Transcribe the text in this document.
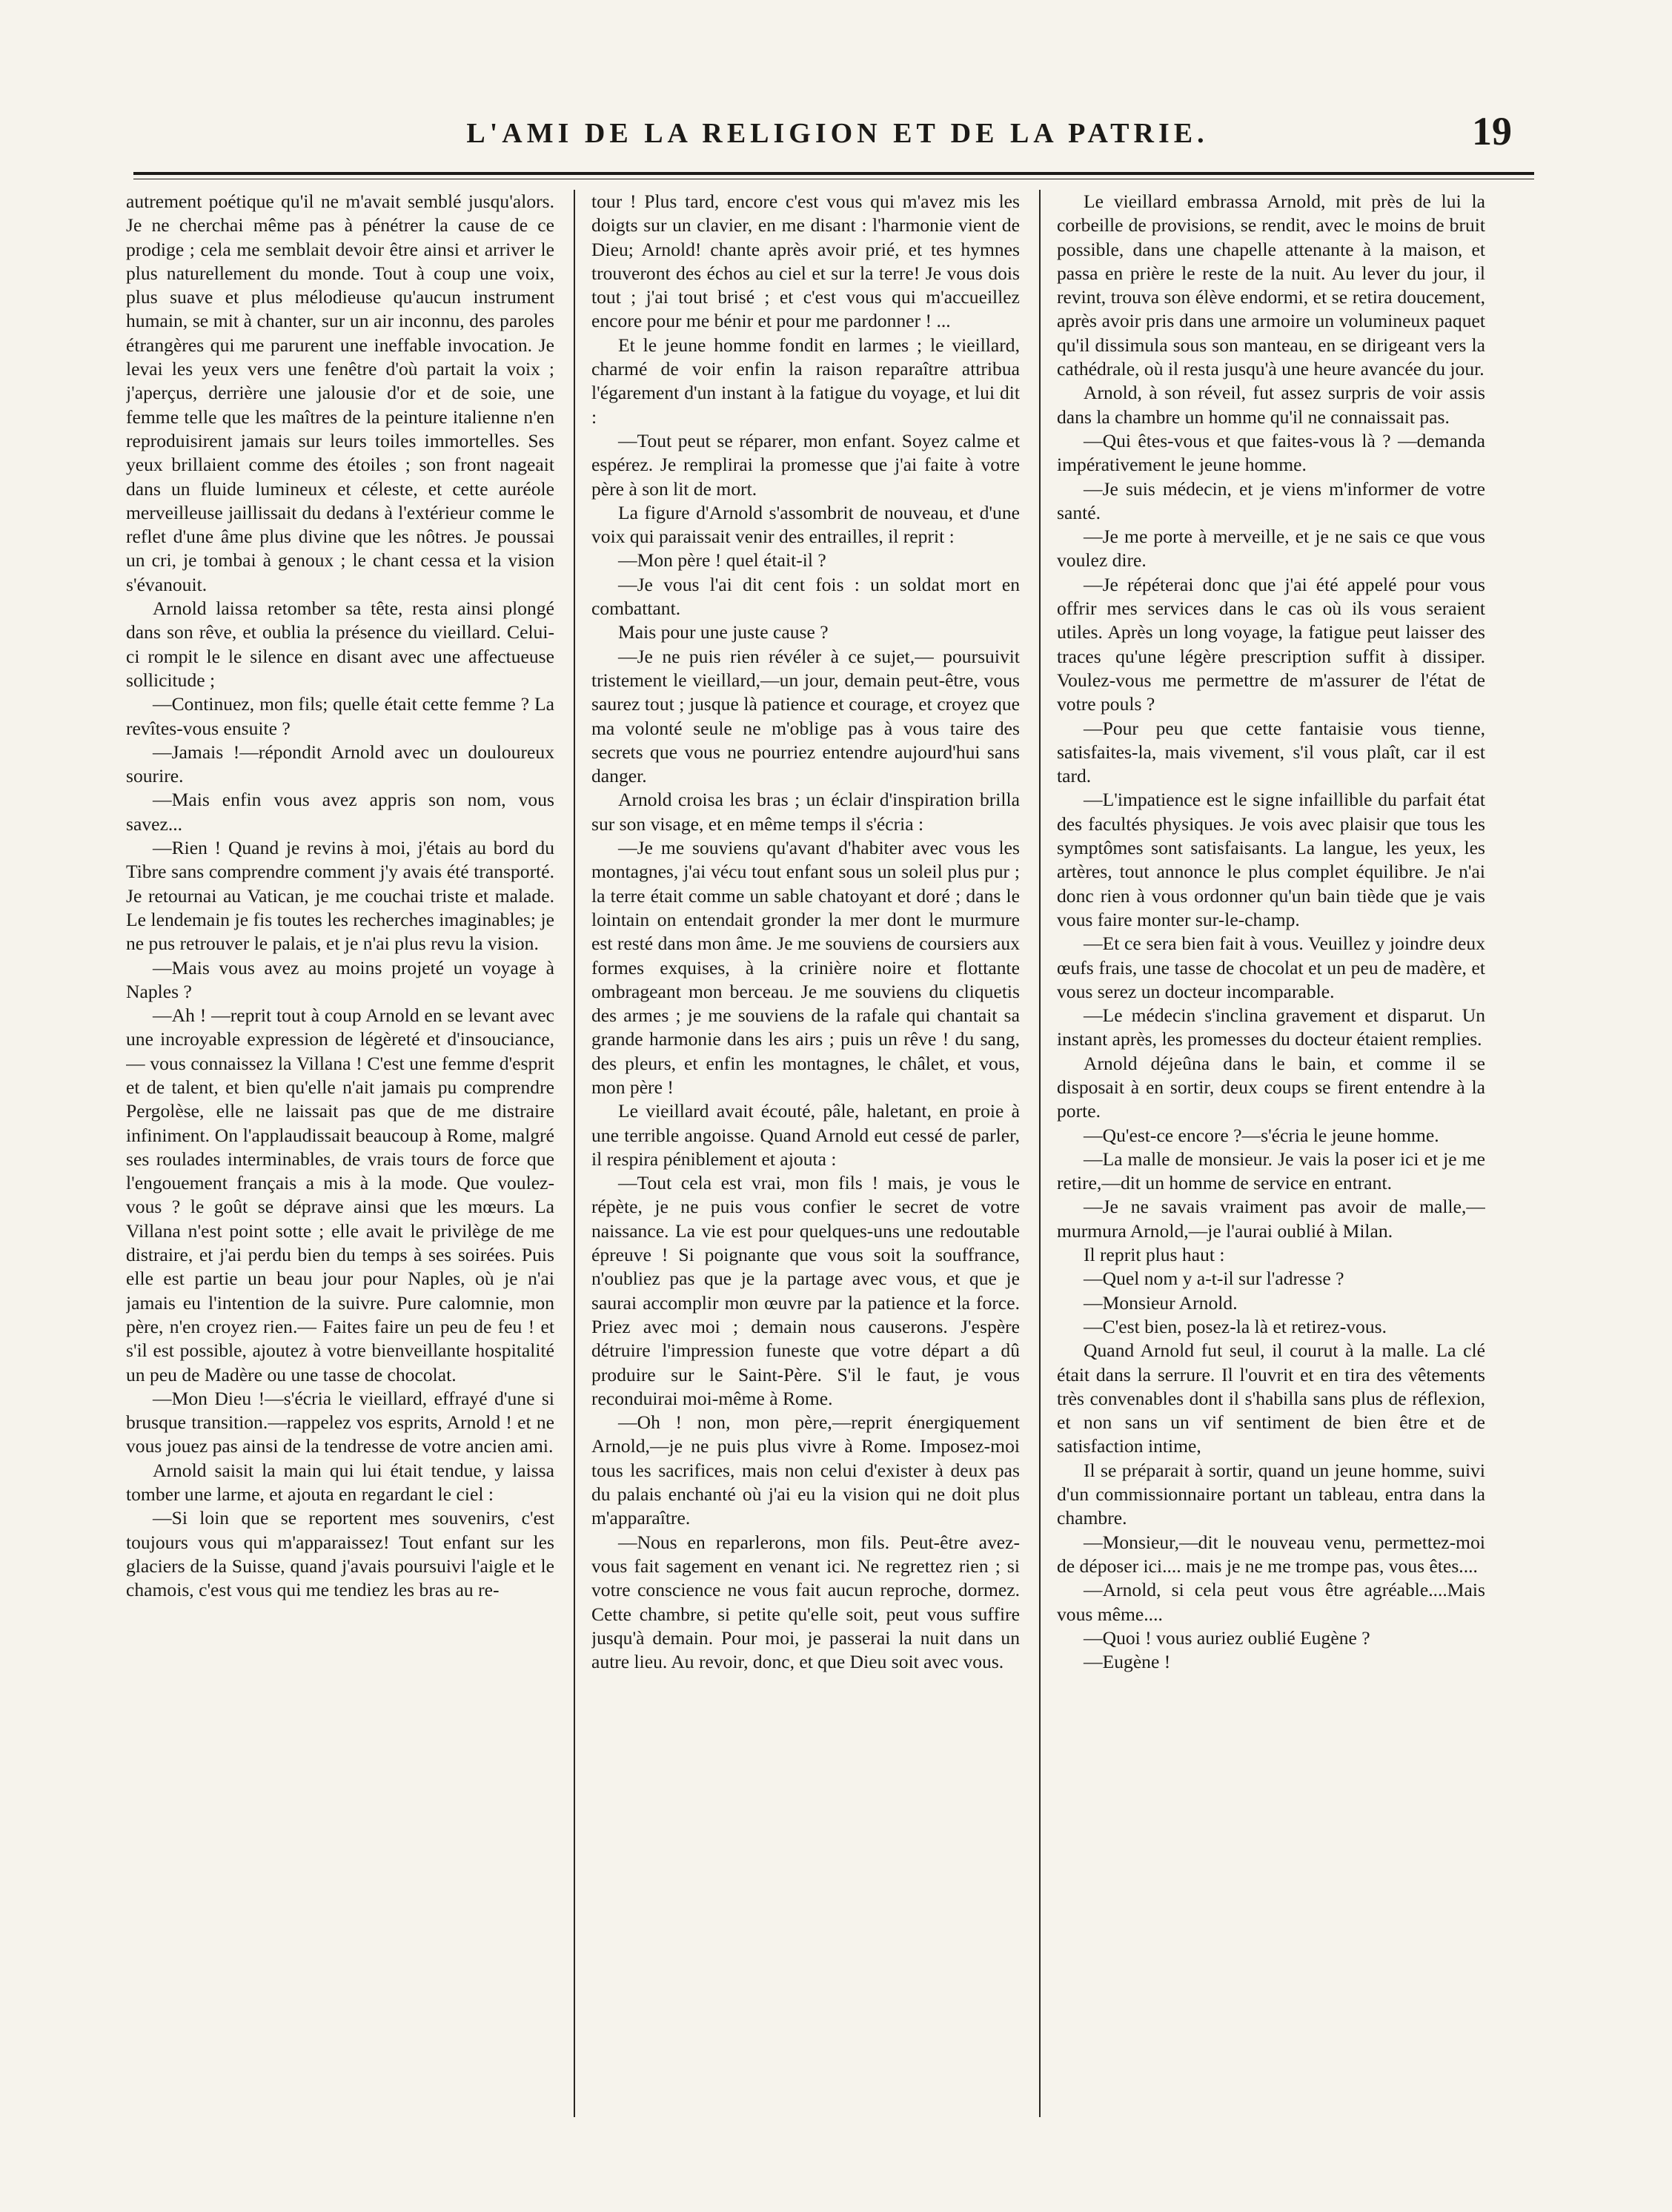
L'AMI DE LA RELIGION ET DE LA PATRIE.	19

autrement poétique qu'il ne m'avait semblé jusqu'alors. Je ne cherchai même pas à pénétrer la cause de ce prodige ; cela me semblait devoir être ainsi et arriver le plus naturellement du monde. Tout à coup une voix, plus suave et plus mélodieuse qu'aucun instrument humain, se mit à chanter, sur un air inconnu, des paroles étrangères qui me parurent une ineffable invocation. Je levai les yeux vers une fenêtre d'où partait la voix ; j'aperçus, derrière une jalousie d'or et de soie, une femme telle que les maîtres de la peinture italienne n'en reproduisirent jamais sur leurs toiles immortelles. Ses yeux brillaient comme des étoiles ; son front nageait dans un fluide lumineux et céleste, et cette auréole merveilleuse jaillissait du dedans à l'extérieur comme le reflet d'une âme plus divine que les nôtres. Je poussai un cri, je tombai à genoux ; le chant cessa et la vision s'évanouit.

Arnold laissa retomber sa tête, resta ainsi plongé dans son rêve, et oublia la présence du vieillard. Celui-ci rompit le le silence en disant avec une affectueuse sollicitude ;

—Continuez, mon fils; quelle était cette femme ? La revîtes-vous ensuite ?

—Jamais !—répondit Arnold avec un douloureux sourire.

—Mais enfin vous avez appris son nom, vous savez...

—Rien ! Quand je revins à moi, j'étais au bord du Tibre sans comprendre comment j'y avais été transporté. Je retournai au Vatican, je me couchai triste et malade. Le lendemain je fis toutes les recherches imaginables; je ne pus retrouver le palais, et je n'ai plus revu la vision.

—Mais vous avez au moins projeté un voyage à Naples ?

—Ah ! —reprit tout à coup Arnold en se levant avec une incroyable expression de légèreté et d'insouciance,— vous connaissez la Villana ! C'est une femme d'esprit et de talent, et bien qu'elle n'ait jamais pu comprendre Pergolèse, elle ne laissait pas que de me distraire infiniment. On l'applaudissait beaucoup à Rome, malgré ses roulades interminables, de vrais tours de force que l'engouement français a mis à la mode. Que voulez-vous ? le goût se déprave ainsi que les mœurs. La Villana n'est point sotte ; elle avait le privilège de me distraire, et j'ai perdu bien du temps à ses soirées. Puis elle est partie un beau jour pour Naples, où je n'ai jamais eu l'intention de la suivre. Pure calomnie, mon père, n'en croyez rien.— Faites faire un peu de feu ! et s'il est possible, ajoutez à votre bienveillante hospitalité un peu de Madère ou une tasse de chocolat.

—Mon Dieu !—s'écria le vieillard, effrayé d'une si brusque transition.—rappelez vos esprits, Arnold ! et ne vous jouez pas ainsi de la tendresse de votre ancien ami.

Arnold saisit la main qui lui était tendue, y laissa tomber une larme, et ajouta en regardant le ciel :

—Si loin que se reportent mes souvenirs, c'est toujours vous qui m'apparaissez! Tout enfant sur les glaciers de la Suisse, quand j'avais poursuivi l'aigle et le chamois, c'est vous qui me tendiez les bras au re-

tour ! Plus tard, encore c'est vous qui m'avez mis les doigts sur un clavier, en me disant : l'harmonie vient de Dieu; Arnold! chante après avoir prié, et tes hymnes trouveront des échos au ciel et sur la terre! Je vous dois tout ; j'ai tout brisé ; et c'est vous qui m'accueillez encore pour me bénir et pour me pardonner ! ...

Et le jeune homme fondit en larmes ; le vieillard, charmé de voir enfin la raison reparaître attribua l'égarement d'un instant à la fatigue du voyage, et lui dit :

—Tout peut se réparer, mon enfant. Soyez calme et espérez. Je remplirai la promesse que j'ai faite à votre père à son lit de mort.

La figure d'Arnold s'assombrit de nouveau, et d'une voix qui paraissait venir des entrailles, il reprit :

—Mon père ! quel était-il ?

—Je vous l'ai dit cent fois : un soldat mort en combattant.

Mais pour une juste cause ?

—Je ne puis rien révéler à ce sujet,— poursuivit tristement le vieillard,—un jour, demain peut-être, vous saurez tout ; jusque là patience et courage, et croyez que ma volonté seule ne m'oblige pas à vous taire des secrets que vous ne pourriez entendre aujourd'hui sans danger.

Arnold croisa les bras ; un éclair d'inspiration brilla sur son visage, et en même temps il s'écria :

—Je me souviens qu'avant d'habiter avec vous les montagnes, j'ai vécu tout enfant sous un soleil plus pur ; la terre était comme un sable chatoyant et doré ; dans le lointain on entendait gronder la mer dont le murmure est resté dans mon âme. Je me souviens de coursiers aux formes exquises, à la crinière noire et flottante ombrageant mon berceau. Je me souviens du cliquetis des armes ; je me souviens de la rafale qui chantait sa grande harmonie dans les airs ; puis un rêve ! du sang, des pleurs, et enfin les montagnes, le châlet, et vous, mon père !

Le vieillard avait écouté, pâle, haletant, en proie à une terrible angoisse. Quand Arnold eut cessé de parler, il respira péniblement et ajouta :

—Tout cela est vrai, mon fils ! mais, je vous le répète, je ne puis vous confier le secret de votre naissance. La vie est pour quelques-uns une redoutable épreuve ! Si poignante que vous soit la souffrance, n'oubliez pas que je la partage avec vous, et que je saurai accomplir mon œuvre par la patience et la force. Priez avec moi ; demain nous causerons. J'espère détruire l'impression funeste que votre départ a dû produire sur le Saint-Père. S'il le faut, je vous reconduirai moi-même à Rome.

—Oh ! non, mon père,—reprit énergiquement Arnold,—je ne puis plus vivre à Rome. Imposez-moi tous les sacrifices, mais non celui d'exister à deux pas du palais enchanté où j'ai eu la vision qui ne doit plus m'apparaître.

—Nous en reparlerons, mon fils. Peut-être avez-vous fait sagement en venant ici. Ne regrettez rien ; si votre conscience ne vous fait aucun reproche, dormez. Cette chambre, si petite qu'elle soit, peut vous suffire jusqu'à demain. Pour moi, je passerai la nuit dans un autre lieu. Au revoir, donc, et que Dieu soit avec vous.

Le vieillard embrassa Arnold, mit près de lui la corbeille de provisions, se rendit, avec le moins de bruit possible, dans une chapelle attenante à la maison, et passa en prière le reste de la nuit. Au lever du jour, il revint, trouva son élève endormi, et se retira doucement, après avoir pris dans une armoire un volumineux paquet qu'il dissimula sous son manteau, en se dirigeant vers la cathédrale, où il resta jusqu'à une heure avancée du jour.

Arnold, à son réveil, fut assez surpris de voir assis dans la chambre un homme qu'il ne connaissait pas.

—Qui êtes-vous et que faites-vous là ? —demanda impérativement le jeune homme.

—Je suis médecin, et je viens m'informer de votre santé.

—Je me porte à merveille, et je ne sais ce que vous voulez dire.

—Je répéterai donc que j'ai été appelé pour vous offrir mes services dans le cas où ils vous seraient utiles. Après un long voyage, la fatigue peut laisser des traces qu'une légère prescription suffit à dissiper. Voulez-vous me permettre de m'assurer de l'état de votre pouls ?

—Pour peu que cette fantaisie vous tienne, satisfaites-la, mais vivement, s'il vous plaît, car il est tard.

—L'impatience est le signe infaillible du parfait état des facultés physiques. Je vois avec plaisir que tous les symptômes sont satisfaisants. La langue, les yeux, les artères, tout annonce le plus complet équilibre. Je n'ai donc rien à vous ordonner qu'un bain tiède que je vais vous faire monter sur-le-champ.

—Et ce sera bien fait à vous. Veuillez y joindre deux œufs frais, une tasse de chocolat et un peu de madère, et vous serez un docteur incomparable.

—Le médecin s'inclina gravement et disparut. Un instant après, les promesses du docteur étaient remplies.

Arnold déjeûna dans le bain, et comme il se disposait à en sortir, deux coups se firent entendre à la porte.

—Qu'est-ce encore ?—s'écria le jeune homme.

—La malle de monsieur. Je vais la poser ici et je me retire,—dit un homme de service en entrant.

—Je ne savais vraiment pas avoir de malle,—murmura Arnold,—je l'aurai oublié à Milan.

Il reprit plus haut :

—Quel nom y a-t-il sur l'adresse ?

—Monsieur Arnold.

—C'est bien, posez-la là et retirez-vous.

Quand Arnold fut seul, il courut à la malle. La clé était dans la serrure. Il l'ouvrit et en tira des vêtements très convenables dont il s'habilla sans plus de réflexion, et non sans un vif sentiment de bien être et de satisfaction intime,

Il se préparait à sortir, quand un jeune homme, suivi d'un commissionnaire portant un tableau, entra dans la chambre.

—Monsieur,—dit le nouveau venu, permettez-moi de déposer ici.... mais je ne me trompe pas, vous êtes....

—Arnold, si cela peut vous être agréable....Mais vous même....

—Quoi ! vous auriez oublié Eugène ?

—Eugène !
